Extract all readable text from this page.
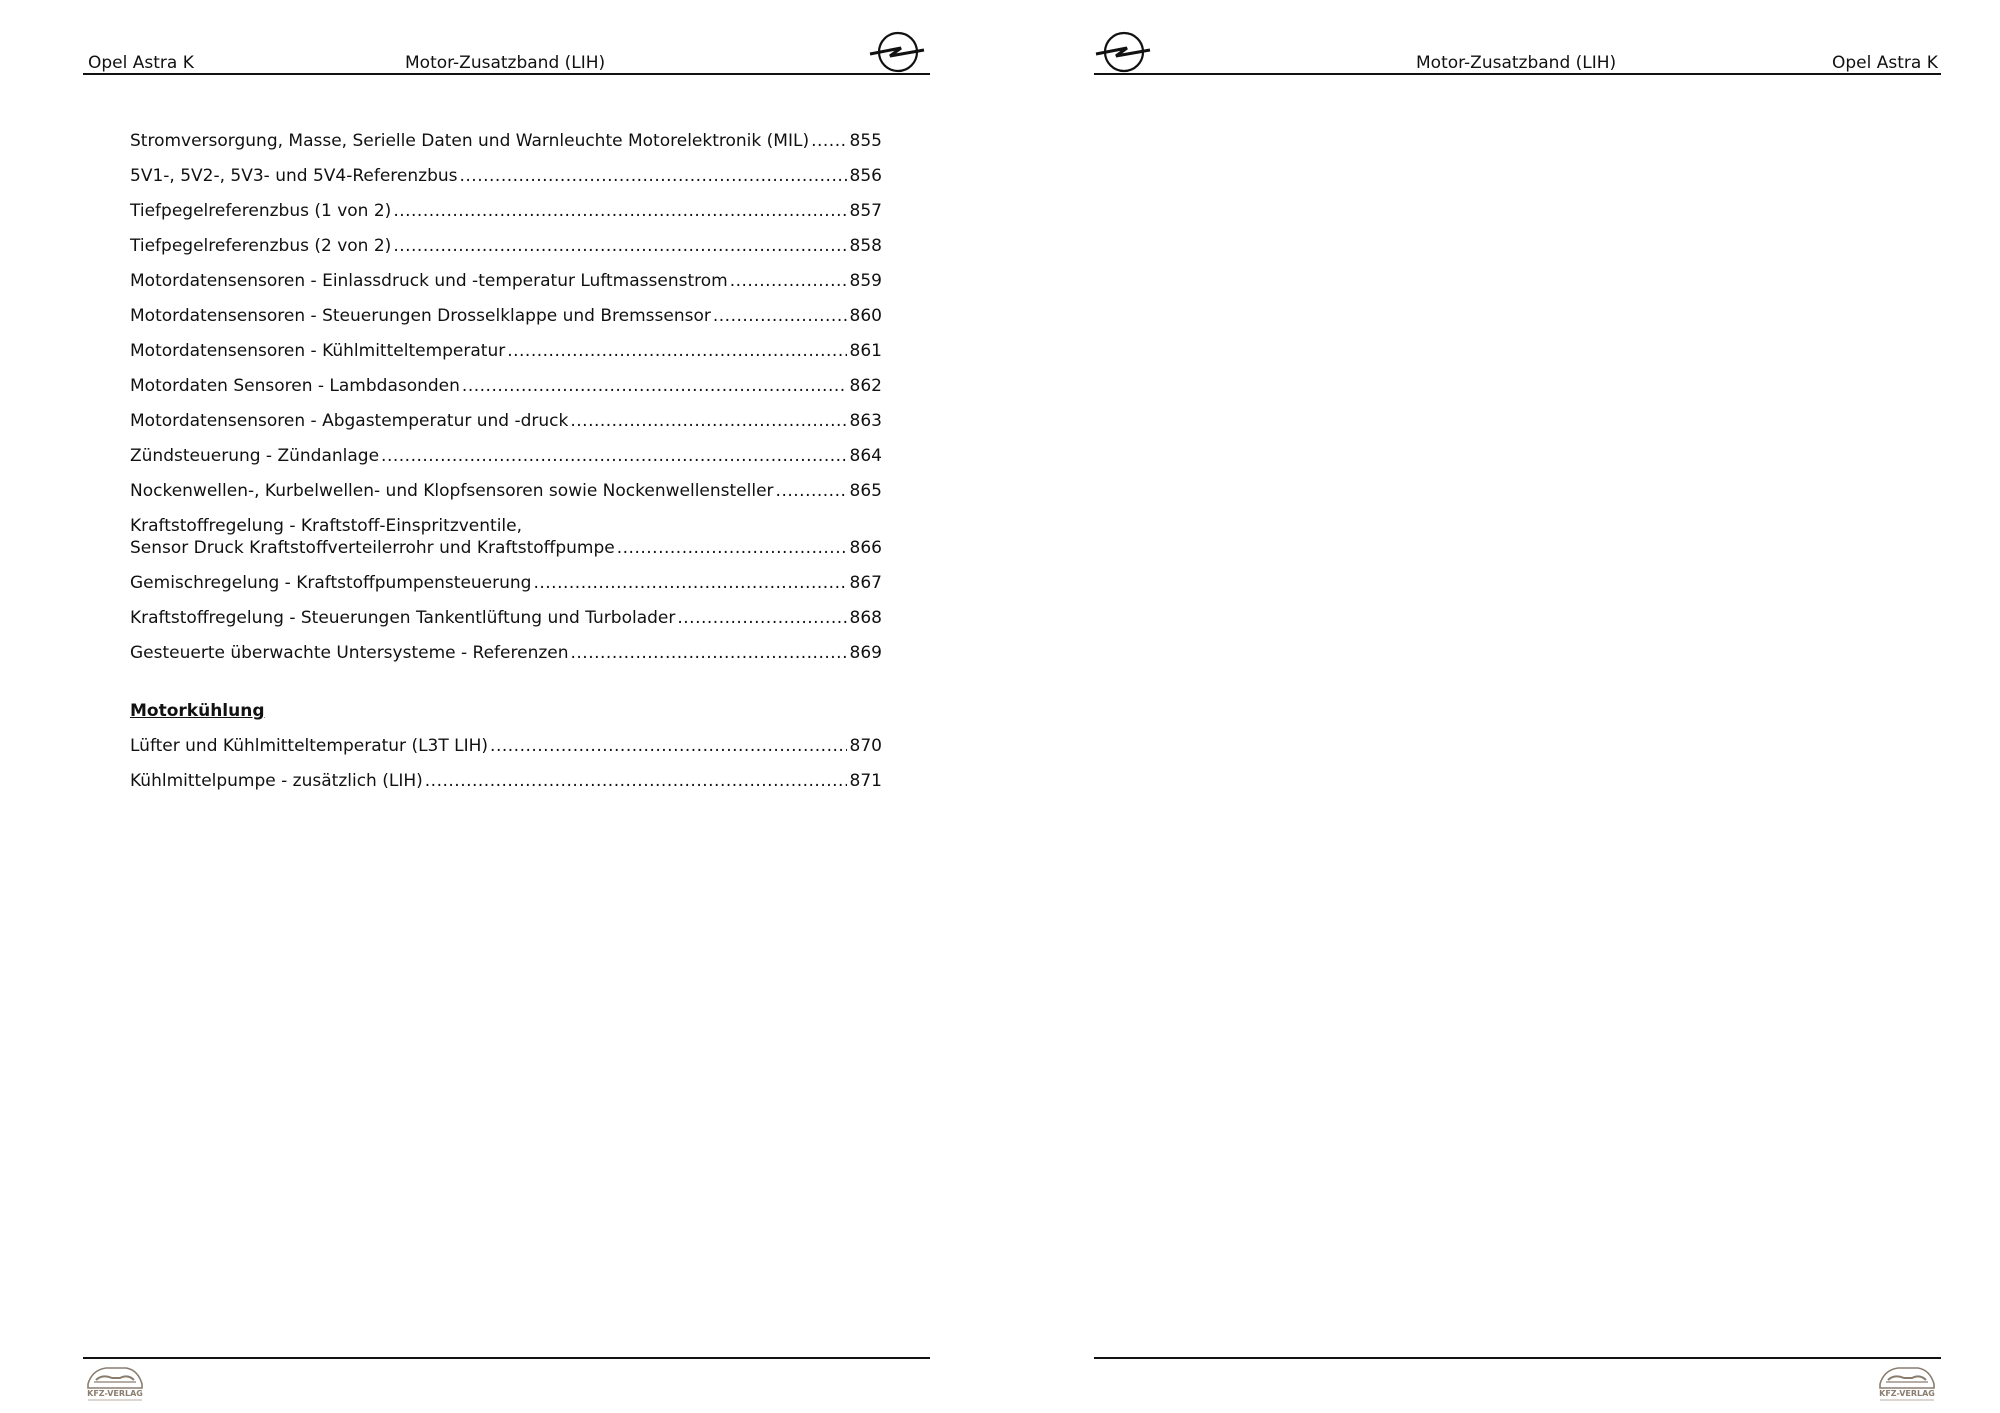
Opel Astra K	Motor-Zusatzband (LIH)
Stromversorgung, Masse, Serielle Daten und Warnleuchte Motorelektronik (MIL) ..... 855
5V1-, 5V2-, 5V3- und 5V4-Referenzbus .....	856
Tiefpegelreferenzbus (1 von 2) .....	857
Tiefpegelreferenzbus (2 von 2) .....	858
Motordatensensoren - Einlassdruck und -temperatur Luftmassenstrom .....	859
Motordatensensoren - Steuerungen Drosselklappe und Bremssensor .....	860
Motordatensensoren - Kühlmitteltemperatur .....	861
Motordaten Sensoren - Lambdasonden .....	862
Motordatensensoren - Abgastemperatur und -druck .....	863
Zündsteuerung - Zündanlage .....	864
Nockenwellen-, Kurbelwellen- und Klopfsensoren sowie Nockenwellensteller .....	865
Kraftstoffregelung - Kraftstoff-Einspritzventile,
Sensor Druck Kraftstoffverteilerrohr und Kraftstoffpumpe .....	866
Gemischregelung - Kraftstoffpumpensteuerung .....	867
Kraftstoffregelung - Steuerungen Tankentlüftung und Turbolader .....	868
Gesteuerte überwachte Untersysteme - Referenzen .....	869
Motorkühlung
Lüfter und Kühlmitteltemperatur (L3T LIH) .....	870
Kühlmittelpumpe - zusätzlich (LIH) .....	871
KFZ-VERLAG
Motor-Zusatzband (LIH)	Opel Astra K
KFZ-VERLAG
